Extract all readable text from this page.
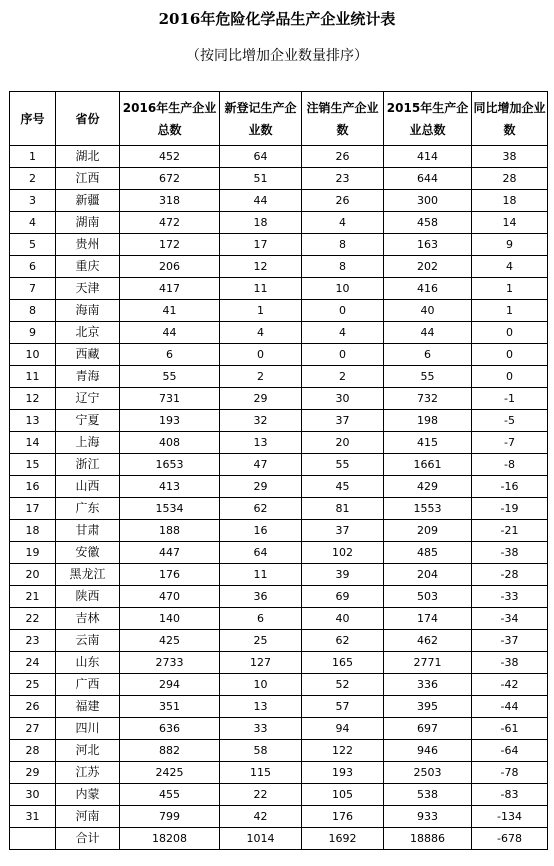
2016年危险化学品生产企业统计表
（按同比增加企业数量排序）
序号	省份	2016年生产企业总数	新登记生产企业数	注销生产企业数	2015年生产企业总数	同比增加企业数
1	湖北	452	64	26	414	38
2	江西	672	51	23	644	28
3	新疆	318	44	26	300	18
4	湖南	472	18	4	458	14
5	贵州	172	17	8	163	9
6	重庆	206	12	8	202	4
7	天津	417	11	10	416	1
8	海南	41	1	0	40	1
9	北京	44	4	4	44	0
10	西藏	6	0	0	6	0
11	青海	55	2	2	55	0
12	辽宁	731	29	30	732	-1
13	宁夏	193	32	37	198	-5
14	上海	408	13	20	415	-7
15	浙江	1653	47	55	1661	-8
16	山西	413	29	45	429	-16
17	广东	1534	62	81	1553	-19
18	甘肃	188	16	37	209	-21
19	安徽	447	64	102	485	-38
20	黑龙江	176	11	39	204	-28
21	陕西	470	36	69	503	-33
22	吉林	140	6	40	174	-34
23	云南	425	25	62	462	-37
24	山东	2733	127	165	2771	-38
25	广西	294	10	52	336	-42
26	福建	351	13	57	395	-44
27	四川	636	33	94	697	-61
28	河北	882	58	122	946	-64
29	江苏	2425	115	193	2503	-78
30	内蒙	455	22	105	538	-83
31	河南	799	42	176	933	-134
	合计	18208	1014	1692	18886	-678
